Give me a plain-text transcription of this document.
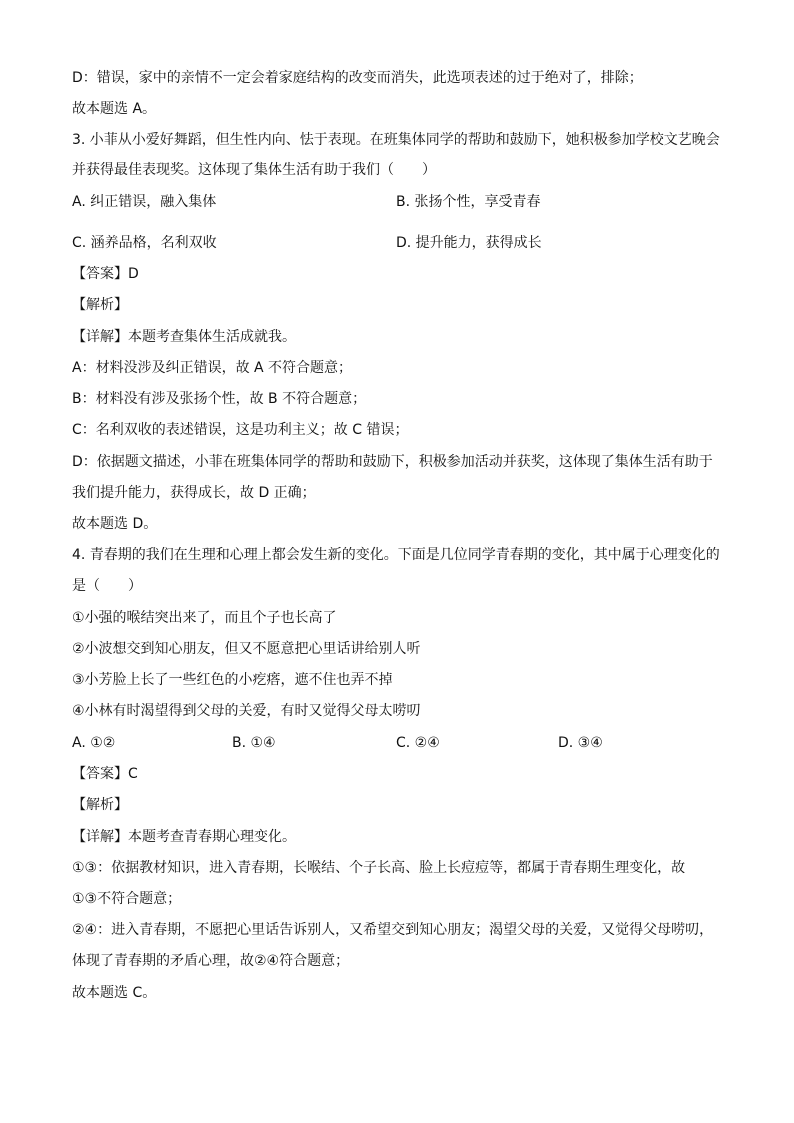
D：错误，家中的亲情不一定会着家庭结构的改变而消失，此选项表述的过于绝对了，排除；
故本题选 A。
3. 小菲从小爱好舞蹈，但生性内向、怯于表现。在班集体同学的帮助和鼓励下，她积极参加学校文艺晚会
并获得最佳表现奖。这体现了集体生活有助于我们（　　）
A. 纠正错误，融入集体	B. 张扬个性，享受青春
C. 涵养品格，名利双收	D. 提升能力，获得成长
【答案】D
【解析】
【详解】本题考查集体生活成就我。
A：材料没涉及纠正错误，故 A 不符合题意；
B：材料没有涉及张扬个性，故 B 不符合题意；
C：名利双收的表述错误，这是功利主义；故 C 错误；
D：依据题文描述，小菲在班集体同学的帮助和鼓励下，积极参加活动并获奖，这体现了集体生活有助于
我们提升能力，获得成长，故 D 正确；
故本题选 D。
4. 青春期的我们在生理和心理上都会发生新的变化。下面是几位同学青春期的变化，其中属于心理变化的
是（　　）
①小强的喉结突出来了，而且个子也长高了
②小波想交到知心朋友，但又不愿意把心里话讲给别人听
③小芳脸上长了一些红色的小疙瘩，遮不住也弄不掉
④小林有时渴望得到父母的关爱，有时又觉得父母太唠叨
A. ①②	B. ①④	C. ②④	D. ③④
【答案】C
【解析】
【详解】本题考查青春期心理变化。
①③：依据教材知识，进入青春期，长喉结、个子长高、脸上长痘痘等，都属于青春期生理变化，故
①③不符合题意；
②④：进入青春期，不愿把心里话告诉别人，又希望交到知心朋友；渴望父母的关爱，又觉得父母唠叨，
体现了青春期的矛盾心理，故②④符合题意；
故本题选 C。
